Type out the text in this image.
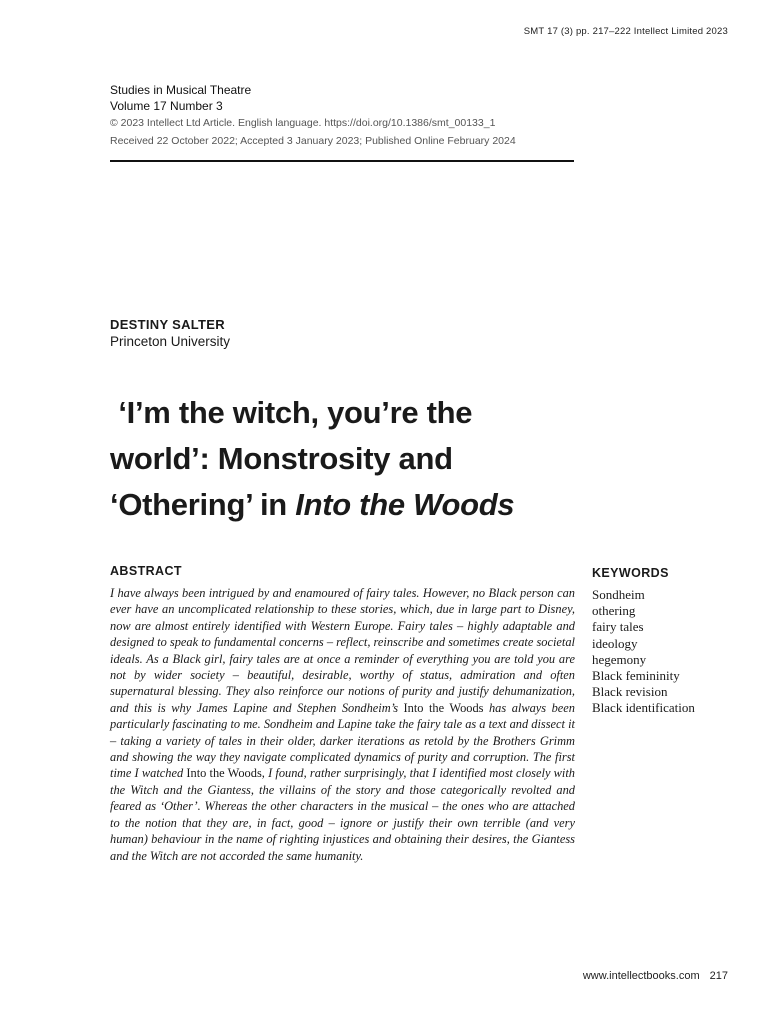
SMT 17 (3) pp. 217–222 Intellect Limited 2023
Studies in Musical Theatre
Volume 17 Number 3
© 2023 Intellect Ltd Article. English language. https://doi.org/10.1386/smt_00133_1
Received 22 October 2022; Accepted 3 January 2023; Published Online February 2024
DESTINY SALTER
Princeton University
‘I’m the witch, you’re the
world’: Monstrosity and
‘Othering’ in Into the Woods
ABSTRACT
I have always been intrigued by and enamoured of fairy tales. However, no Black person can ever have an uncomplicated relationship to these stories, which, due in large part to Disney, now are almost entirely identified with Western Europe. Fairy tales – highly adaptable and designed to speak to fundamental concerns – reflect, reinscribe and sometimes create societal ideals. As a Black girl, fairy tales are at once a reminder of everything you are told you are not by wider society – beautiful, desirable, worthy of status, admiration and often supernatural blessing. They also reinforce our notions of purity and justify dehumanization, and this is why James Lapine and Stephen Sondheim’s Into the Woods has always been particularly fascinating to me. Sondheim and Lapine take the fairy tale as a text and dissect it – taking a variety of tales in their older, darker iterations as retold by the Brothers Grimm and showing the way they navigate complicated dynamics of purity and corruption. The first time I watched Into the Woods, I found, rather surprisingly, that I identified most closely with the Witch and the Giantess, the villains of the story and those categorically revolted and feared as ‘Other’. Whereas the other characters in the musical – the ones who are attached to the notion that they are, in fact, good – ignore or justify their own terrible (and very human) behaviour in the name of righting injustices and obtaining their desires, the Giantess and the Witch are not accorded the same humanity.
KEYWORDS
Sondheim
othering
fairy tales
ideology
hegemony
Black femininity
Black revision
Black identification
www.intellectbooks.com 217
